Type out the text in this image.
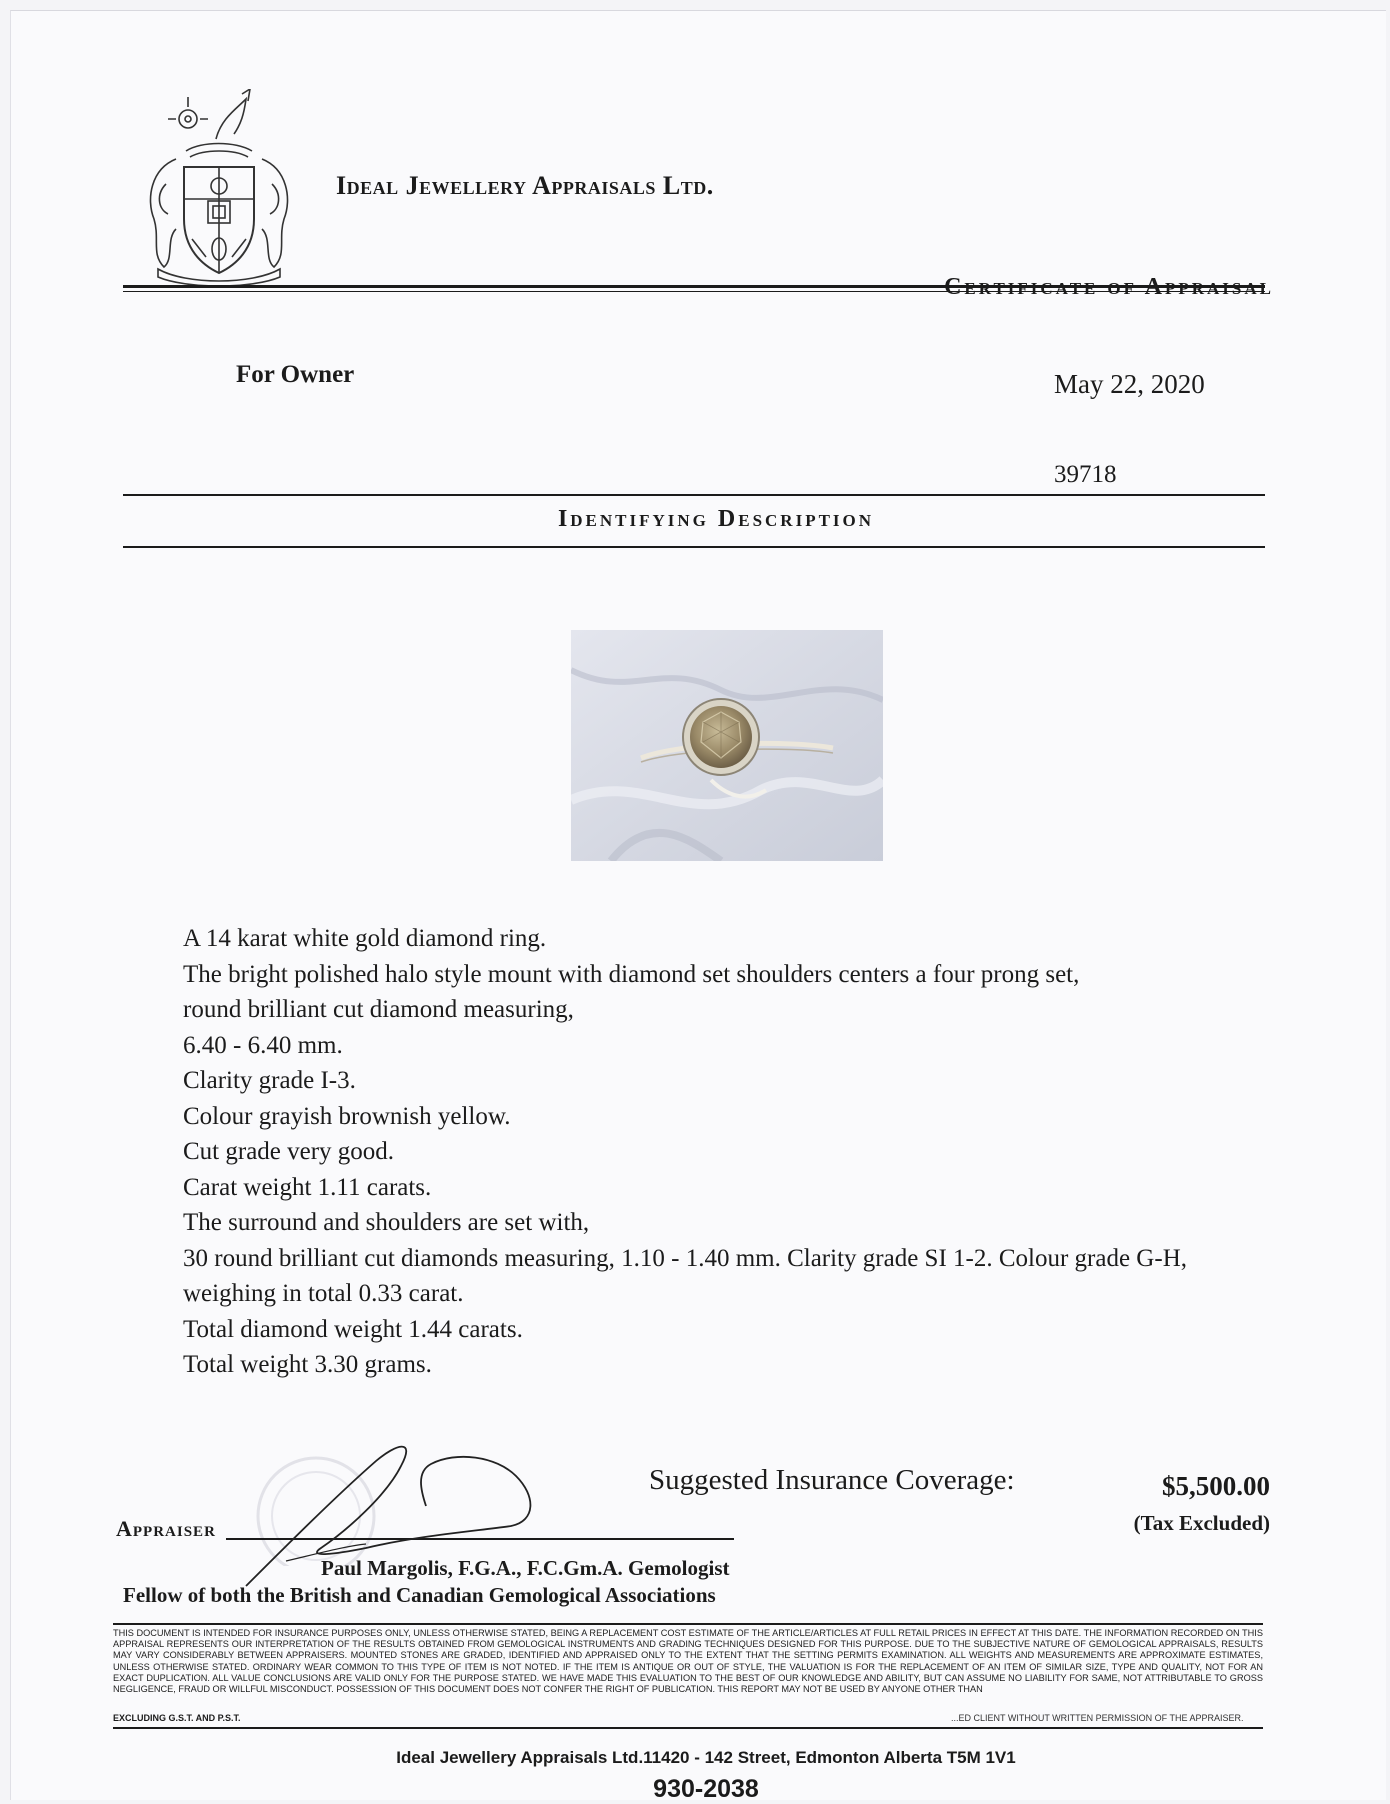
Ideal Jewellery Appraisals Ltd.
Certificate of Appraisal
For Owner	May 22, 2020
39718
Identifying Description
A 14 karat white gold diamond ring.
The bright polished halo style mount with diamond set shoulders centers a four prong set,
round brilliant cut diamond measuring,
6.40 - 6.40 mm.
Clarity grade I-3.
Colour grayish brownish yellow.
Cut grade very good.
Carat weight 1.11 carats.
The surround and shoulders are set with,
30 round brilliant cut diamonds measuring, 1.10 - 1.40 mm. Clarity grade SI 1-2. Colour grade G-H,
weighing in total 0.33 carat.
Total diamond weight 1.44 carats.
Total weight 3.30 grams.
Suggested Insurance Coverage:	$5,500.00
(Tax Excluded)
Appraiser
Paul Margolis, F.G.A., F.C.Gm.A. Gemologist
Fellow of both the British and Canadian Gemological Associations
THIS DOCUMENT IS INTENDED FOR INSURANCE PURPOSES ONLY, UNLESS OTHERWISE STATED, BEING A REPLACEMENT COST ESTIMATE OF THE ARTICLE/ARTICLES AT FULL RETAIL PRICES IN EFFECT AT THIS DATE. THE INFORMATION RECORDED ON THIS APPRAISAL REPRESENTS OUR INTERPRETATION OF THE RESULTS OBTAINED FROM GEMOLOGICAL INSTRUMENTS AND GRADING TECHNIQUES DESIGNED FOR THIS PURPOSE. DUE TO THE SUBJECTIVE NATURE OF GEMOLOGICAL APPRAISALS, RESULTS MAY VARY CONSIDERABLY BETWEEN APPRAISERS. MOUNTED STONES ARE GRADED, IDENTIFIED AND APPRAISED ONLY TO THE EXTENT THAT THE SETTING PERMITS EXAMINATION. ALL WEIGHTS AND MEASUREMENTS ARE APPROXIMATE ESTIMATES, UNLESS OTHERWISE STATED. ORDINARY WEAR COMMON TO THIS TYPE OF ITEM IS NOT NOTED. IF THE ITEM IS ANTIQUE OR OUT OF STYLE, THE VALUATION IS FOR THE REPLACEMENT OF AN ITEM OF SIMILAR SIZE, TYPE AND QUALITY, NOT FOR AN EXACT DUPLICATION. ALL VALUE CONCLUSIONS ARE VALID ONLY FOR THE PURPOSE STATED. WE HAVE MADE THIS EVALUATION TO THE BEST OF OUR KNOWLEDGE AND ABILITY, BUT CAN ASSUME NO LIABILITY FOR SAME, NOT ATTRIBUTABLE TO GROSS NEGLIGENCE, FRAUD OR WILLFUL MISCONDUCT. POSSESSION OF THIS DOCUMENT DOES NOT CONFER THE RIGHT OF PUBLICATION. THIS REPORT MAY NOT BE USED BY ANYONE OTHER THAN
EXCLUDING G.S.T. AND P.S.T.	...ED CLIENT WITHOUT WRITTEN PERMISSION OF THE APPRAISER.
Ideal Jewellery Appraisals Ltd.11420 - 142 Street, Edmonton Alberta T5M 1V1
930-2038
